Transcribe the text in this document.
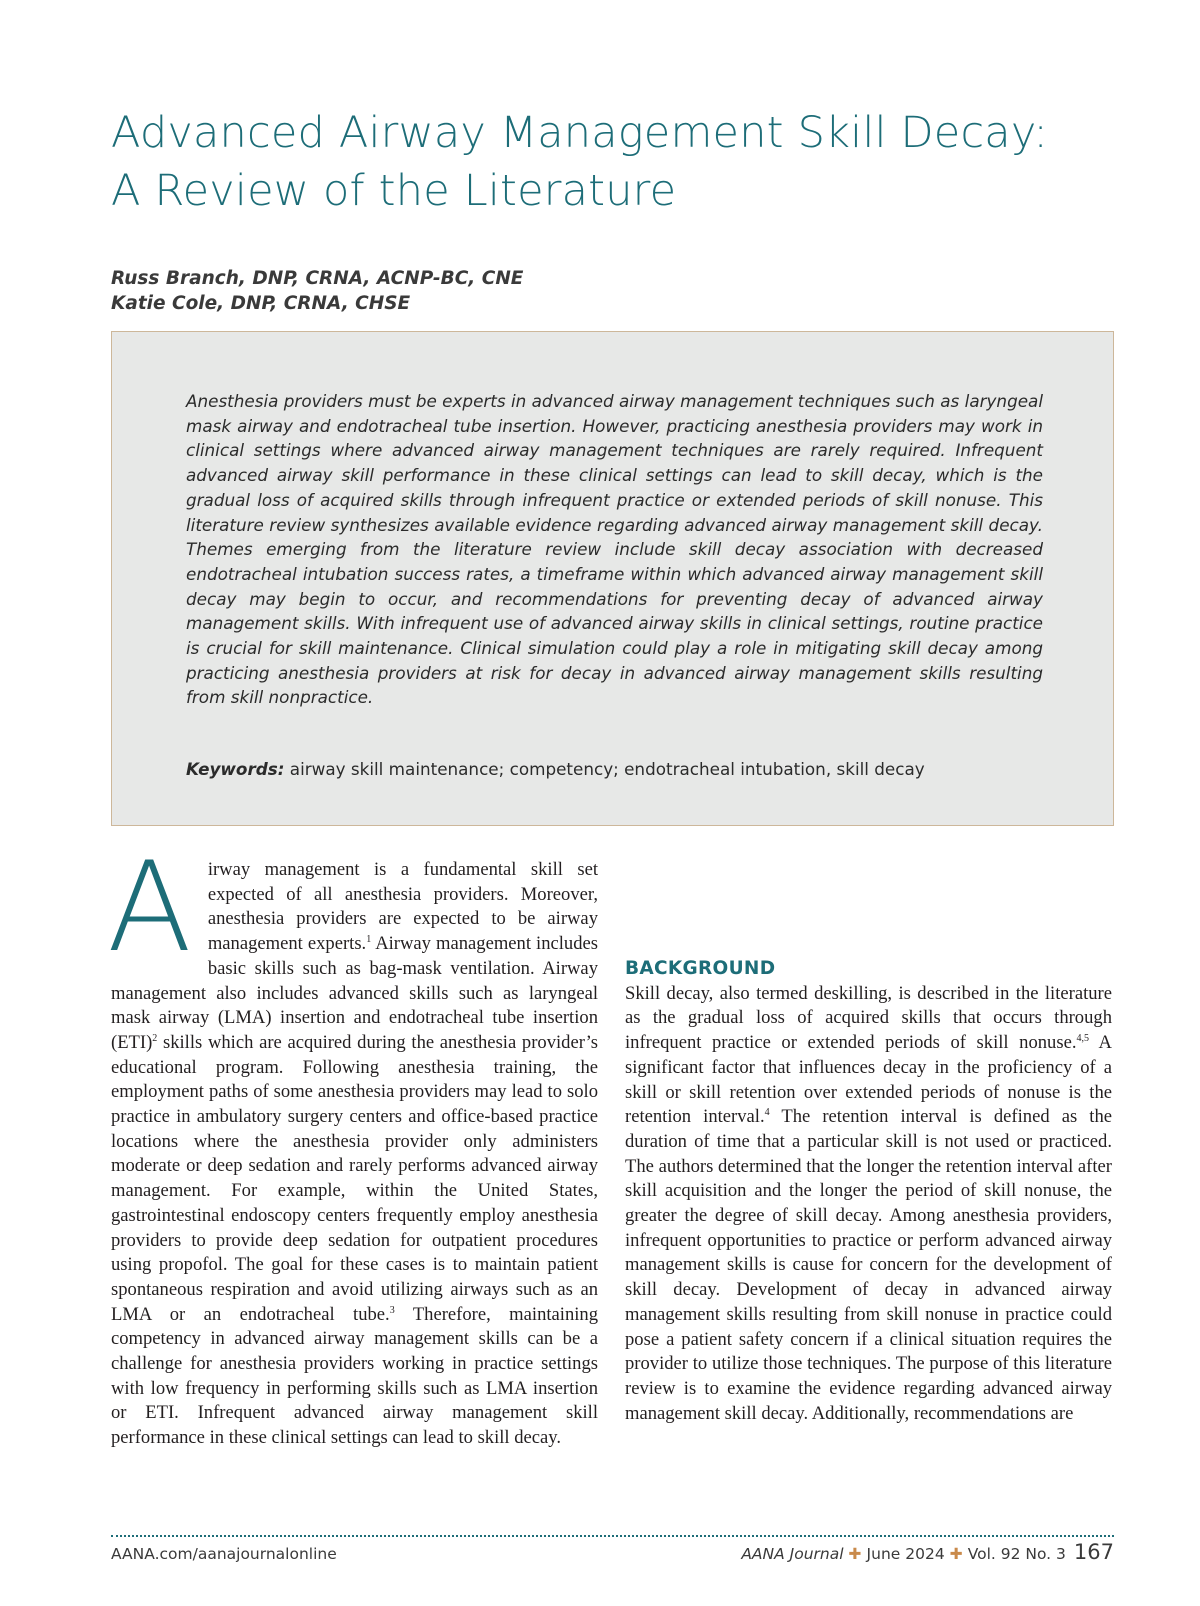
Advanced Airway Management Skill Decay:
A Review of the Literature
Russ Branch, DNP, CRNA, ACNP-BC, CNE
Katie Cole, DNP, CRNA, CHSE

Anesthesia providers must be experts in advanced airway management techniques such as laryngeal mask airway and endotracheal tube insertion. However, practicing anesthesia providers may work in clinical settings where advanced airway management techniques are rarely required. Infrequent advanced airway skill performance in these clinical settings can lead to skill decay, which is the gradual loss of acquired skills through infrequent practice or extended periods of skill nonuse. This literature review synthesizes available evidence regarding advanced airway management skill decay. Themes emerging from the literature review include skill decay association with decreased endotracheal intubation success rates, a timeframe within which advanced airway management skill decay may begin to occur, and recommendations for preventing decay of advanced airway management skills. With infrequent use of advanced airway skills in clinical settings, routine practice is crucial for skill maintenance. Clinical simulation could play a role in mitigating skill decay among practicing anesthesia providers at risk for decay in advanced airway management skills resulting from skill nonpractice.

Keywords: airway skill maintenance; competency; endotracheal intubation, skill decay

Airway management is a fundamental skill set expected of all anesthesia providers. Moreover, anesthesia providers are expected to be airway management experts.$^1$ Airway management includes basic skills such as bag-mask ventilation. Airway management also includes advanced skills such as laryngeal mask airway (LMA) insertion and endotracheal tube insertion (ETI)$^2$ skills which are acquired during the anesthesia provider’s educational program. Following anesthesia training, the employment paths of some anesthesia providers may lead to solo practice in ambulatory surgery centers and office-based practice locations where the anesthesia provider only administers moderate or deep sedation and rarely performs advanced airway management. For example, within the United States, gastrointestinal endoscopy centers frequently employ anesthesia providers to provide deep sedation for outpatient procedures using propofol. The goal for these cases is to maintain patient spontaneous respiration and avoid utilizing airways such as an LMA or an endotracheal tube.$^3$ Therefore, maintaining competency in advanced airway management skills can be a challenge for anesthesia providers working in practice settings with low frequency in performing skills such as LMA insertion or ETI. Infrequent advanced airway management skill performance in these clinical settings can lead to skill decay.

BACKGROUND

Skill decay, also termed deskilling, is described in the literature as the gradual loss of acquired skills that occurs through infrequent practice or extended periods of skill nonuse.$^{4,5}$ A significant factor that influences decay in the proficiency of a skill or skill retention over extended periods of nonuse is the retention interval.$^4$ The retention interval is defined as the duration of time that a particular skill is not used or practiced. The authors determined that the longer the retention interval after skill acquisition and the longer the period of skill nonuse, the greater the degree of skill decay. Among anesthesia providers, infrequent opportunities to practice or perform advanced airway management skills is cause for concern for the development of skill decay. Development of decay in advanced airway management skills resulting from skill nonuse in practice could pose a patient safety concern if a clinical situation requires the provider to utilize those techniques. The purpose of this literature review is to examine the evidence regarding advanced airway management skill decay. Additionally, recommendations are

AANA.com/aanajournalonline	AANA Journal ✚ June 2024 ✚ Vol. 92 No. 3 167
